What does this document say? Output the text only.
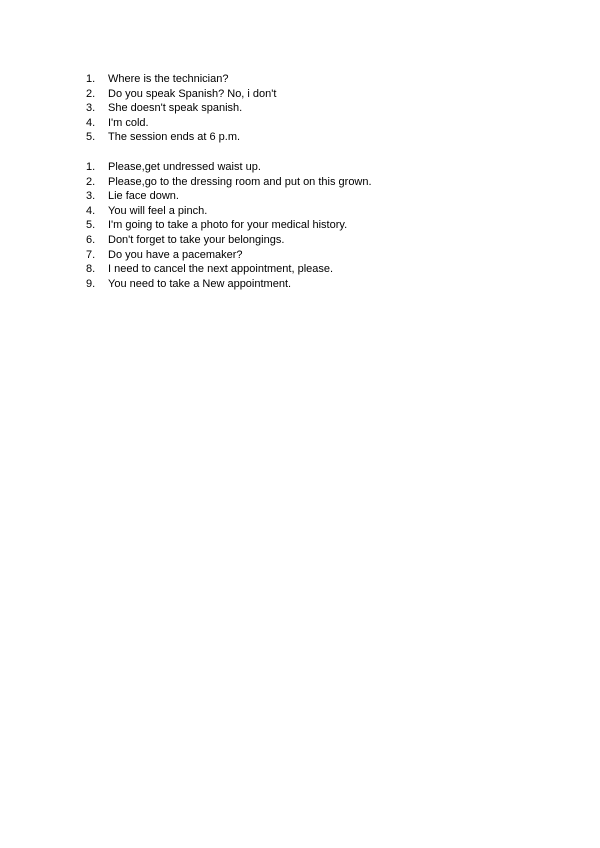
1.	Where is the technician?
2.	Do you speak Spanish? No, i don't
3.	She doesn't speak spanish.
4.	I'm cold.
5.	The session ends at 6 p.m.
1.	Please,get undressed waist up.
2.	Please,go to the dressing room and put on this grown.
3.	Lie face down.
4.	You will feel a pinch.
5.	I'm going to take a photo for your medical history.
6.	Don't forget to take your belongings.
7.	Do you have a pacemaker?
8.	I need to cancel the next appointment, please.
9.	You need to take a New appointment.
